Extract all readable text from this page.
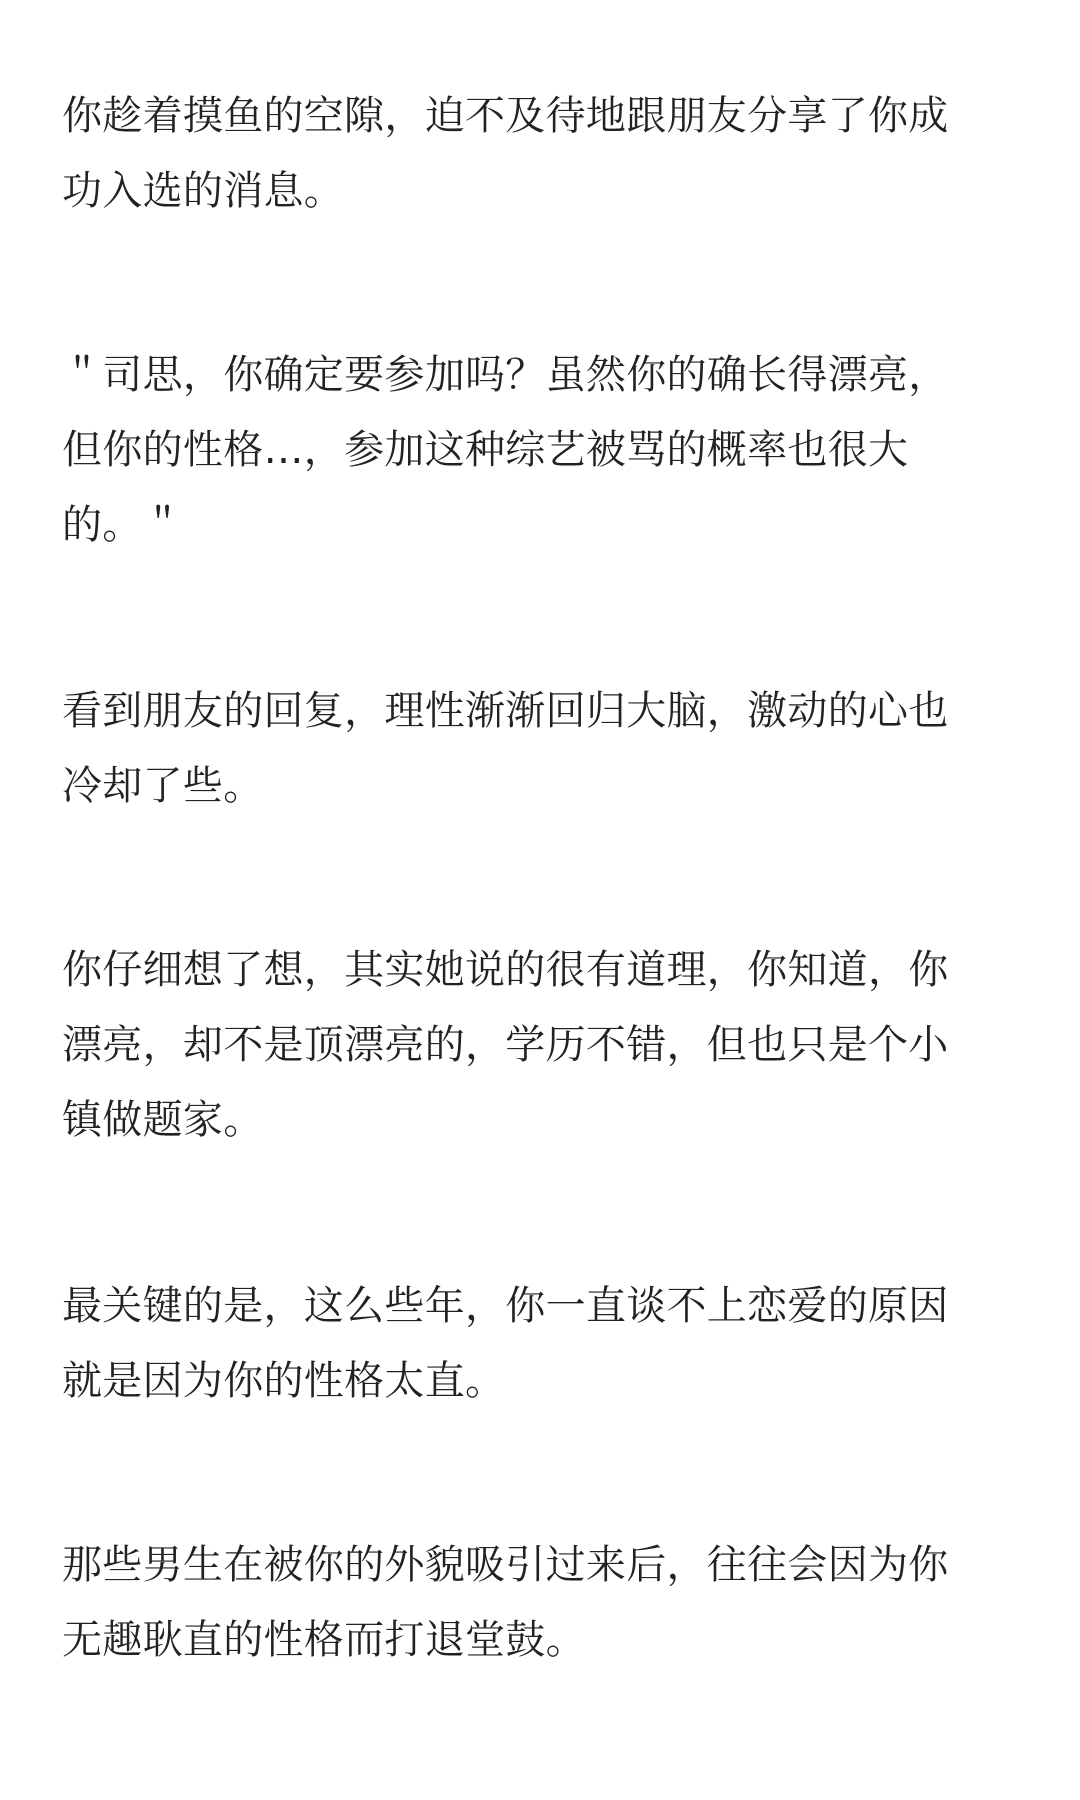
你趁着摸鱼的空隙，迫不及待地跟朋友分享了你成
功入选的消息。

＂司思，你确定要参加吗？虽然你的确长得漂亮，
但你的性格…，参加这种综艺被骂的概率也很大
的。＂

看到朋友的回复，理性渐渐回归大脑，激动的心也
冷却了些。

你仔细想了想，其实她说的很有道理，你知道，你
漂亮，却不是顶漂亮的，学历不错，但也只是个小
镇做题家。

最关键的是，这么些年，你一直谈不上恋爱的原因
就是因为你的性格太直。

那些男生在被你的外貌吸引过来后，往往会因为你
无趣耿直的性格而打退堂鼓。
